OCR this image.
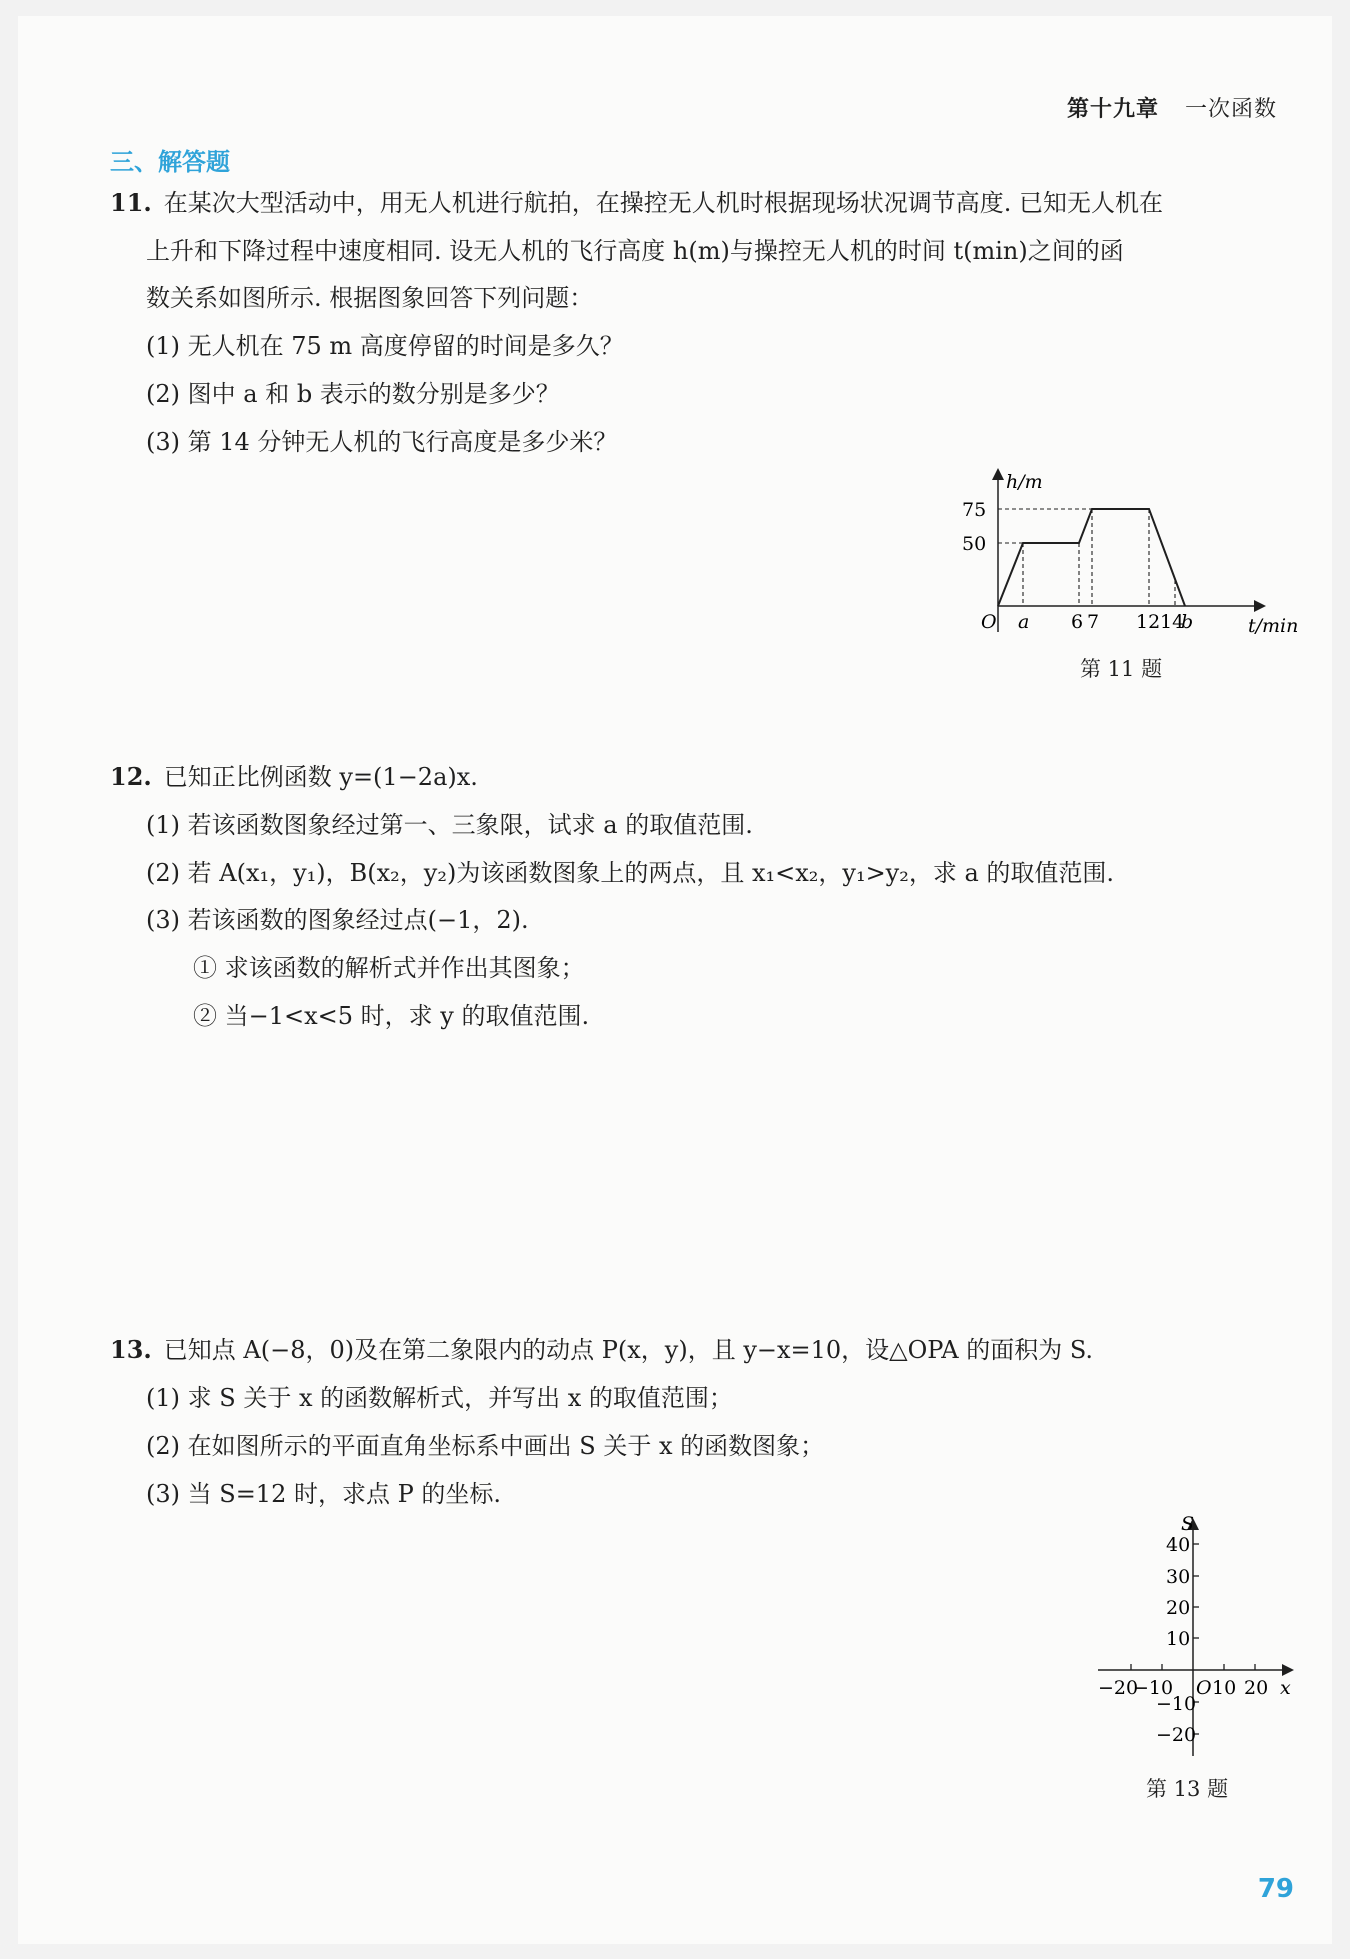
第十九章 一次函数
三、解答题
11. 在某次大型活动中，用无人机进行航拍，在操控无人机时根据现场状况调节高度. 已知无人机在
上升和下降过程中速度相同. 设无人机的飞行高度 h(m)与操控无人机的时间 t(min)之间的函
数关系如图所示. 根据图象回答下列问题：
(1) 无人机在 75 m 高度停留的时间是多久？
(2) 图中 a 和 b 表示的数分别是多少？
(3) 第 14 分钟无人机的飞行高度是多少米？
h/m
75
50
O a 6 7 12 14
b	t/min
第 11 题
12. 已知正比例函数 y=(1−2a)x.
(1) 若该函数图象经过第一、三象限，试求 a 的取值范围.
(2) 若 A(x₁，y₁)，B(x₂，y₂)为该函数图象上的两点，且 x₁<x₂，y₁>y₂，求 a 的取值范围.
(3) 若该函数的图象经过点(−1，2).
① 求该函数的解析式并作出其图象；
② 当−1<x<5 时，求 y 的取值范围.
13. 已知点 A(−8，0)及在第二象限内的动点 P(x，y)，且 y−x=10，设△OPA 的面积为 S.
(1) 求 S 关于 x 的函数解析式，并写出 x 的取值范围；
(2) 在如图所示的平面直角坐标系中画出 S 关于 x 的函数图象；
(3) 当 S=12 时，求点 P 的坐标.
S
40
30
20
10
−10
−20
−20
−10 O 10 20 x
第 13 题
79
